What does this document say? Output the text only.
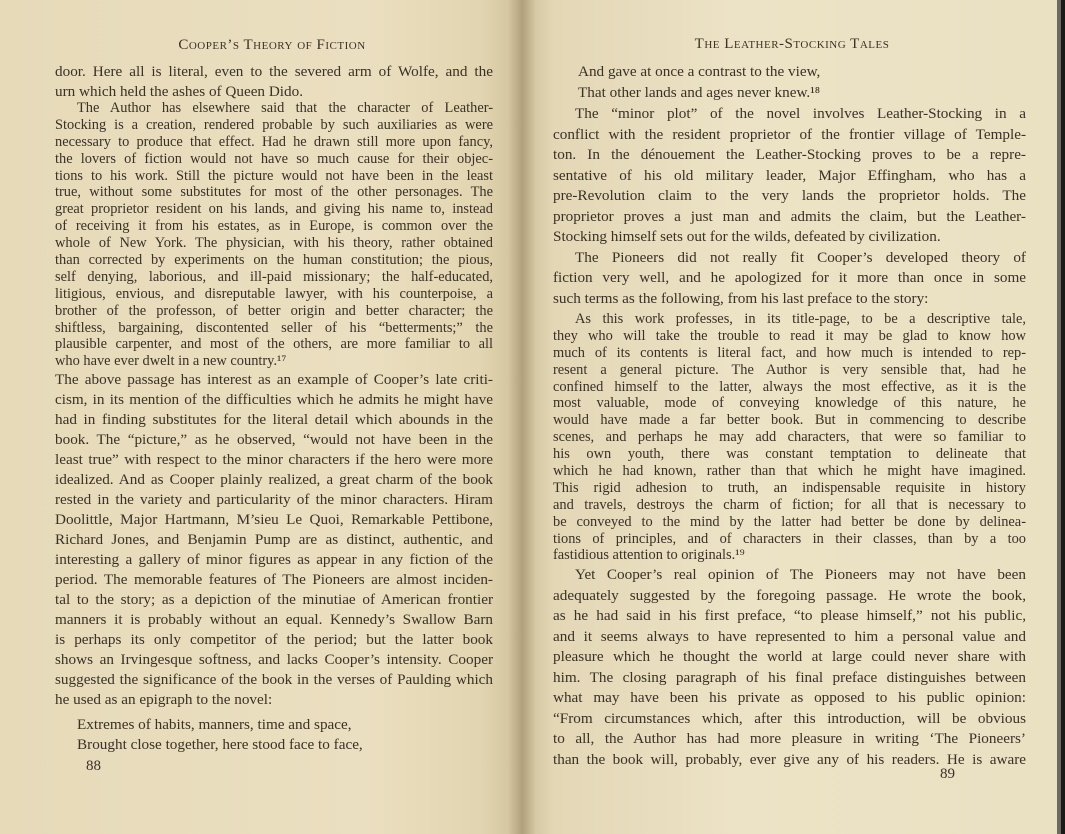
Cooper’s Theory of Fiction
door. Here all is literal, even to the severed arm of Wolfe, and the
urn which held the ashes of Queen Dido.
The Author has elsewhere said that the character of Leather-
Stocking is a creation, rendered probable by such auxiliaries as were
necessary to produce that effect. Had he drawn still more upon fancy,
the lovers of fiction would not have so much cause for their objec-
tions to his work. Still the picture would not have been in the least
true, without some substitutes for most of the other personages. The
great proprietor resident on his lands, and giving his name to, instead
of receiving it from his estates, as in Europe, is common over the
whole of New York. The physician, with his theory, rather obtained
than corrected by experiments on the human constitution; the pious,
self denying, laborious, and ill-paid missionary; the half-educated,
litigious, envious, and disreputable lawyer, with his counterpoise, a
brother of the professon, of better origin and better character; the
shiftless, bargaining, discontented seller of his “betterments;” the
plausible carpenter, and most of the others, are more familiar to all
who have ever dwelt in a new country.¹⁷
The above passage has interest as an example of Cooper’s late criti-
cism, in its mention of the difficulties which he admits he might have
had in finding substitutes for the literal detail which abounds in the
book. The “picture,” as he observed, “would not have been in the
least true” with respect to the minor characters if the hero were more
idealized. And as Cooper plainly realized, a great charm of the book
rested in the variety and particularity of the minor characters. Hiram
Doolittle, Major Hartmann, M’sieu Le Quoi, Remarkable Pettibone,
Richard Jones, and Benjamin Pump are as distinct, authentic, and
interesting a gallery of minor figures as appear in any fiction of the
period. The memorable features of The Pioneers are almost inciden-
tal to the story; as a depiction of the minutiae of American frontier
manners it is probably without an equal. Kennedy’s Swallow Barn
is perhaps its only competitor of the period; but the latter book
shows an Irvingesque softness, and lacks Cooper’s intensity. Cooper
suggested the significance of the book in the verses of Paulding which
he used as an epigraph to the novel:
Extremes of habits, manners, time and space,
Brought close together, here stood face to face,
88
The Leather-Stocking Tales
And gave at once a contrast to the view,
That other lands and ages never knew.¹⁸
The “minor plot” of the novel involves Leather-Stocking in a
conflict with the resident proprietor of the frontier village of Temple-
ton. In the dénouement the Leather-Stocking proves to be a repre-
sentative of his old military leader, Major Effingham, who has a
pre-Revolution claim to the very lands the proprietor holds. The
proprietor proves a just man and admits the claim, but the Leather-
Stocking himself sets out for the wilds, defeated by civilization.
The Pioneers did not really fit Cooper’s developed theory of
fiction very well, and he apologized for it more than once in some
such terms as the following, from his last preface to the story:
As this work professes, in its title-page, to be a descriptive tale,
they who will take the trouble to read it may be glad to know how
much of its contents is literal fact, and how much is intended to rep-
resent a general picture. The Author is very sensible that, had he
confined himself to the latter, always the most effective, as it is the
most valuable, mode of conveying knowledge of this nature, he
would have made a far better book. But in commencing to describe
scenes, and perhaps he may add characters, that were so familiar to
his own youth, there was constant temptation to delineate that
which he had known, rather than that which he might have imagined.
This rigid adhesion to truth, an indispensable requisite in history
and travels, destroys the charm of fiction; for all that is necessary to
be conveyed to the mind by the latter had better be done by delinea-
tions of principles, and of characters in their classes, than by a too
fastidious attention to originals.¹⁹
Yet Cooper’s real opinion of The Pioneers may not have been
adequately suggested by the foregoing passage. He wrote the book,
as he had said in his first preface, “to please himself,” not his public,
and it seems always to have represented to him a personal value and
pleasure which he thought the world at large could never share with
him. The closing paragraph of his final preface distinguishes between
what may have been his private as opposed to his public opinion:
“From circumstances which, after this introduction, will be obvious
to all, the Author has had more pleasure in writing ‘The Pioneers’
than the book will, probably, ever give any of his readers. He is aware
89
